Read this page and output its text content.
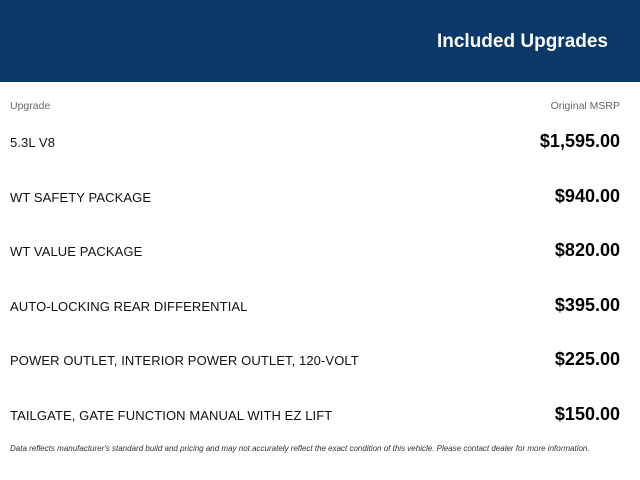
Included Upgrades
Upgrade	Original MSRP
5.3L V8	$1,595.00
WT SAFETY PACKAGE	$940.00
WT VALUE PACKAGE	$820.00
AUTO-LOCKING REAR DIFFERENTIAL	$395.00
POWER OUTLET, INTERIOR POWER OUTLET, 120-VOLT	$225.00
TAILGATE, GATE FUNCTION MANUAL WITH EZ LIFT	$150.00
Data reflects manufacturer's standard build and pricing and may not accurately reflect the exact condition of this vehicle. Please contact dealer for more information.
